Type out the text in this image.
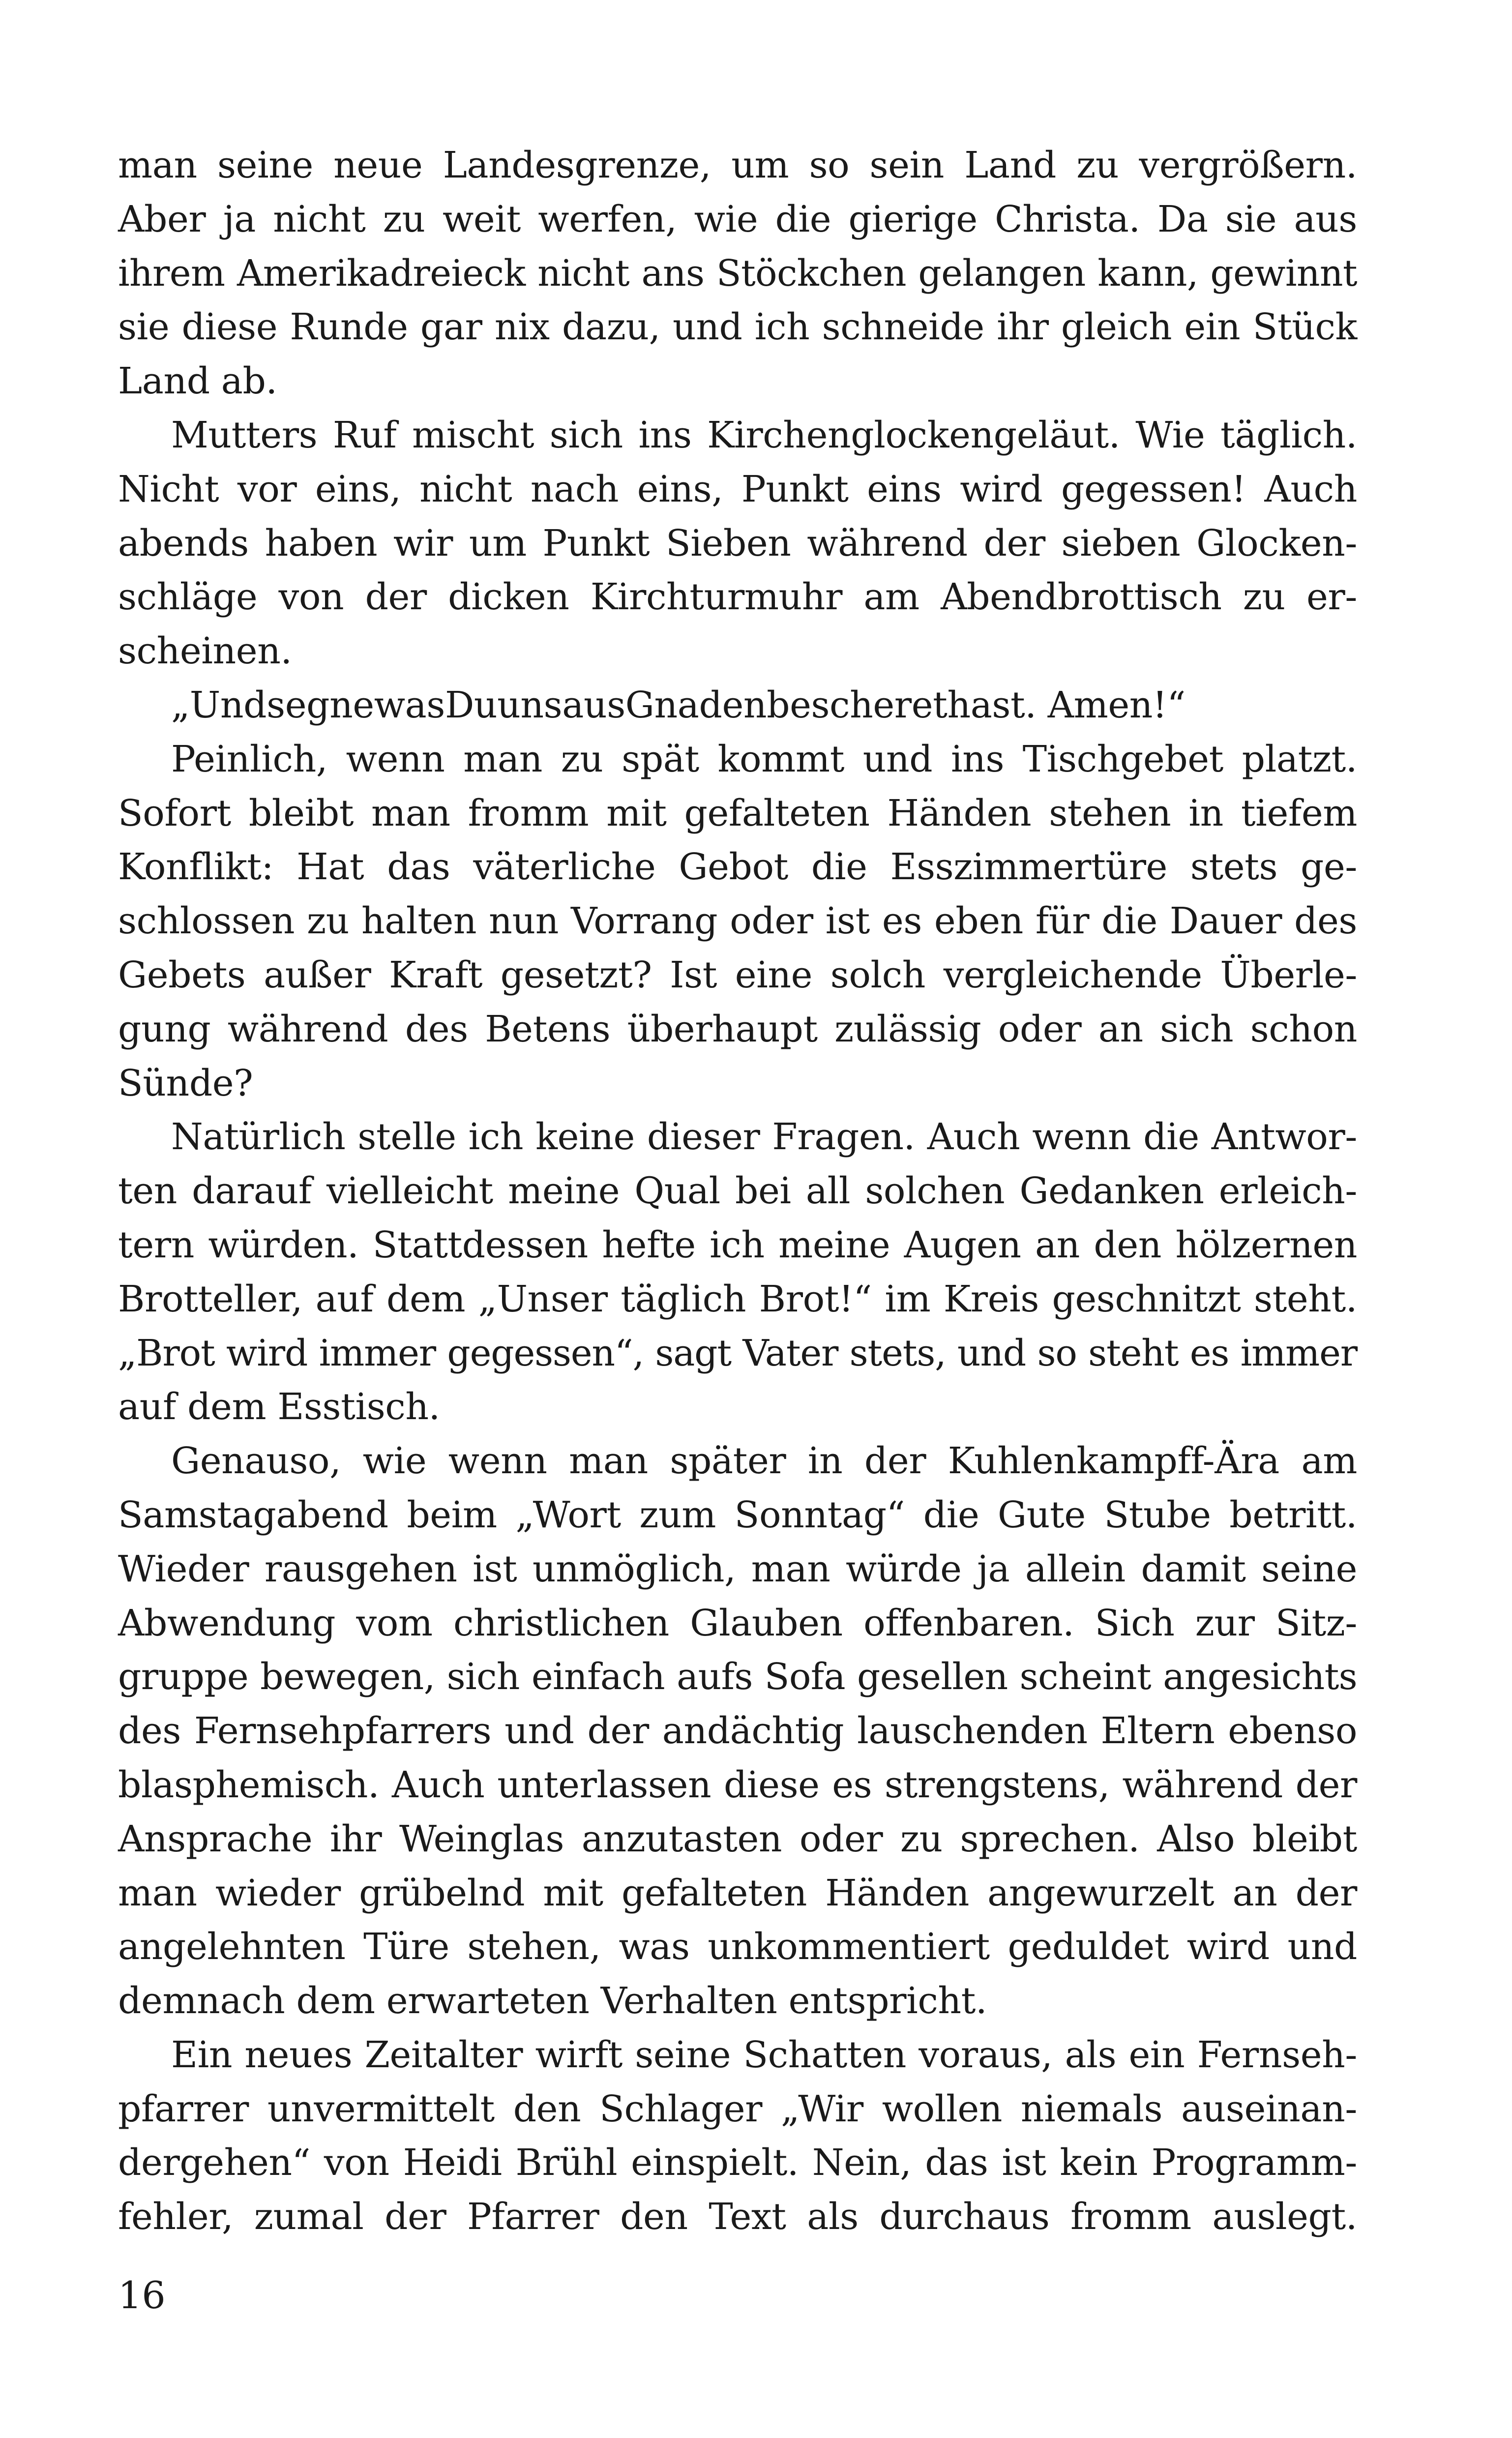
man seine neue Landesgrenze, um so sein Land zu vergrößern.
Aber ja nicht zu weit werfen, wie die gierige Christa. Da sie aus
ihrem Amerikadreieck nicht ans Stöckchen gelangen kann, gewinnt
sie diese Runde gar nix dazu, und ich schneide ihr gleich ein Stück
Land ab.
Mutters Ruf mischt sich ins Kirchenglockengeläut. Wie täglich.
Nicht vor eins, nicht nach eins, Punkt eins wird gegessen! Auch
abends haben wir um Punkt Sieben während der sieben Glocken-
schläge von der dicken Kirchturmuhr am Abendbrottisch zu er-
scheinen.
„UndsegnewasDuunsausGnadenbescherethast. Amen!“
Peinlich, wenn man zu spät kommt und ins Tischgebet platzt.
Sofort bleibt man fromm mit gefalteten Händen stehen in tiefem
Konflikt: Hat das väterliche Gebot die Esszimmertüre stets ge-
schlossen zu halten nun Vorrang oder ist es eben für die Dauer des
Gebets außer Kraft gesetzt? Ist eine solch vergleichende Überle-
gung während des Betens überhaupt zulässig oder an sich schon
Sünde?
Natürlich stelle ich keine dieser Fragen. Auch wenn die Antwor-
ten darauf vielleicht meine Qual bei all solchen Gedanken erleich-
tern würden. Stattdessen hefte ich meine Augen an den hölzernen
Brotteller, auf dem „Unser täglich Brot!“ im Kreis geschnitzt steht.
„Brot wird immer gegessen“, sagt Vater stets, und so steht es immer
auf dem Esstisch.
Genauso, wie wenn man später in der Kuhlenkampff-Ära am
Samstagabend beim „Wort zum Sonntag“ die Gute Stube betritt.
Wieder rausgehen ist unmöglich, man würde ja allein damit seine
Abwendung vom christlichen Glauben offenbaren. Sich zur Sitz-
gruppe bewegen, sich einfach aufs Sofa gesellen scheint angesichts
des Fernsehpfarrers und der andächtig lauschenden Eltern ebenso
blasphemisch. Auch unterlassen diese es strengstens, während der
Ansprache ihr Weinglas anzutasten oder zu sprechen. Also bleibt
man wieder grübelnd mit gefalteten Händen angewurzelt an der
angelehnten Türe stehen, was unkommentiert geduldet wird und
demnach dem erwarteten Verhalten entspricht.
Ein neues Zeitalter wirft seine Schatten voraus, als ein Fernseh-
pfarrer unvermittelt den Schlager „Wir wollen niemals auseinan-
dergehen“ von Heidi Brühl einspielt. Nein, das ist kein Programm-
fehler, zumal der Pfarrer den Text als durchaus fromm auslegt.
16
